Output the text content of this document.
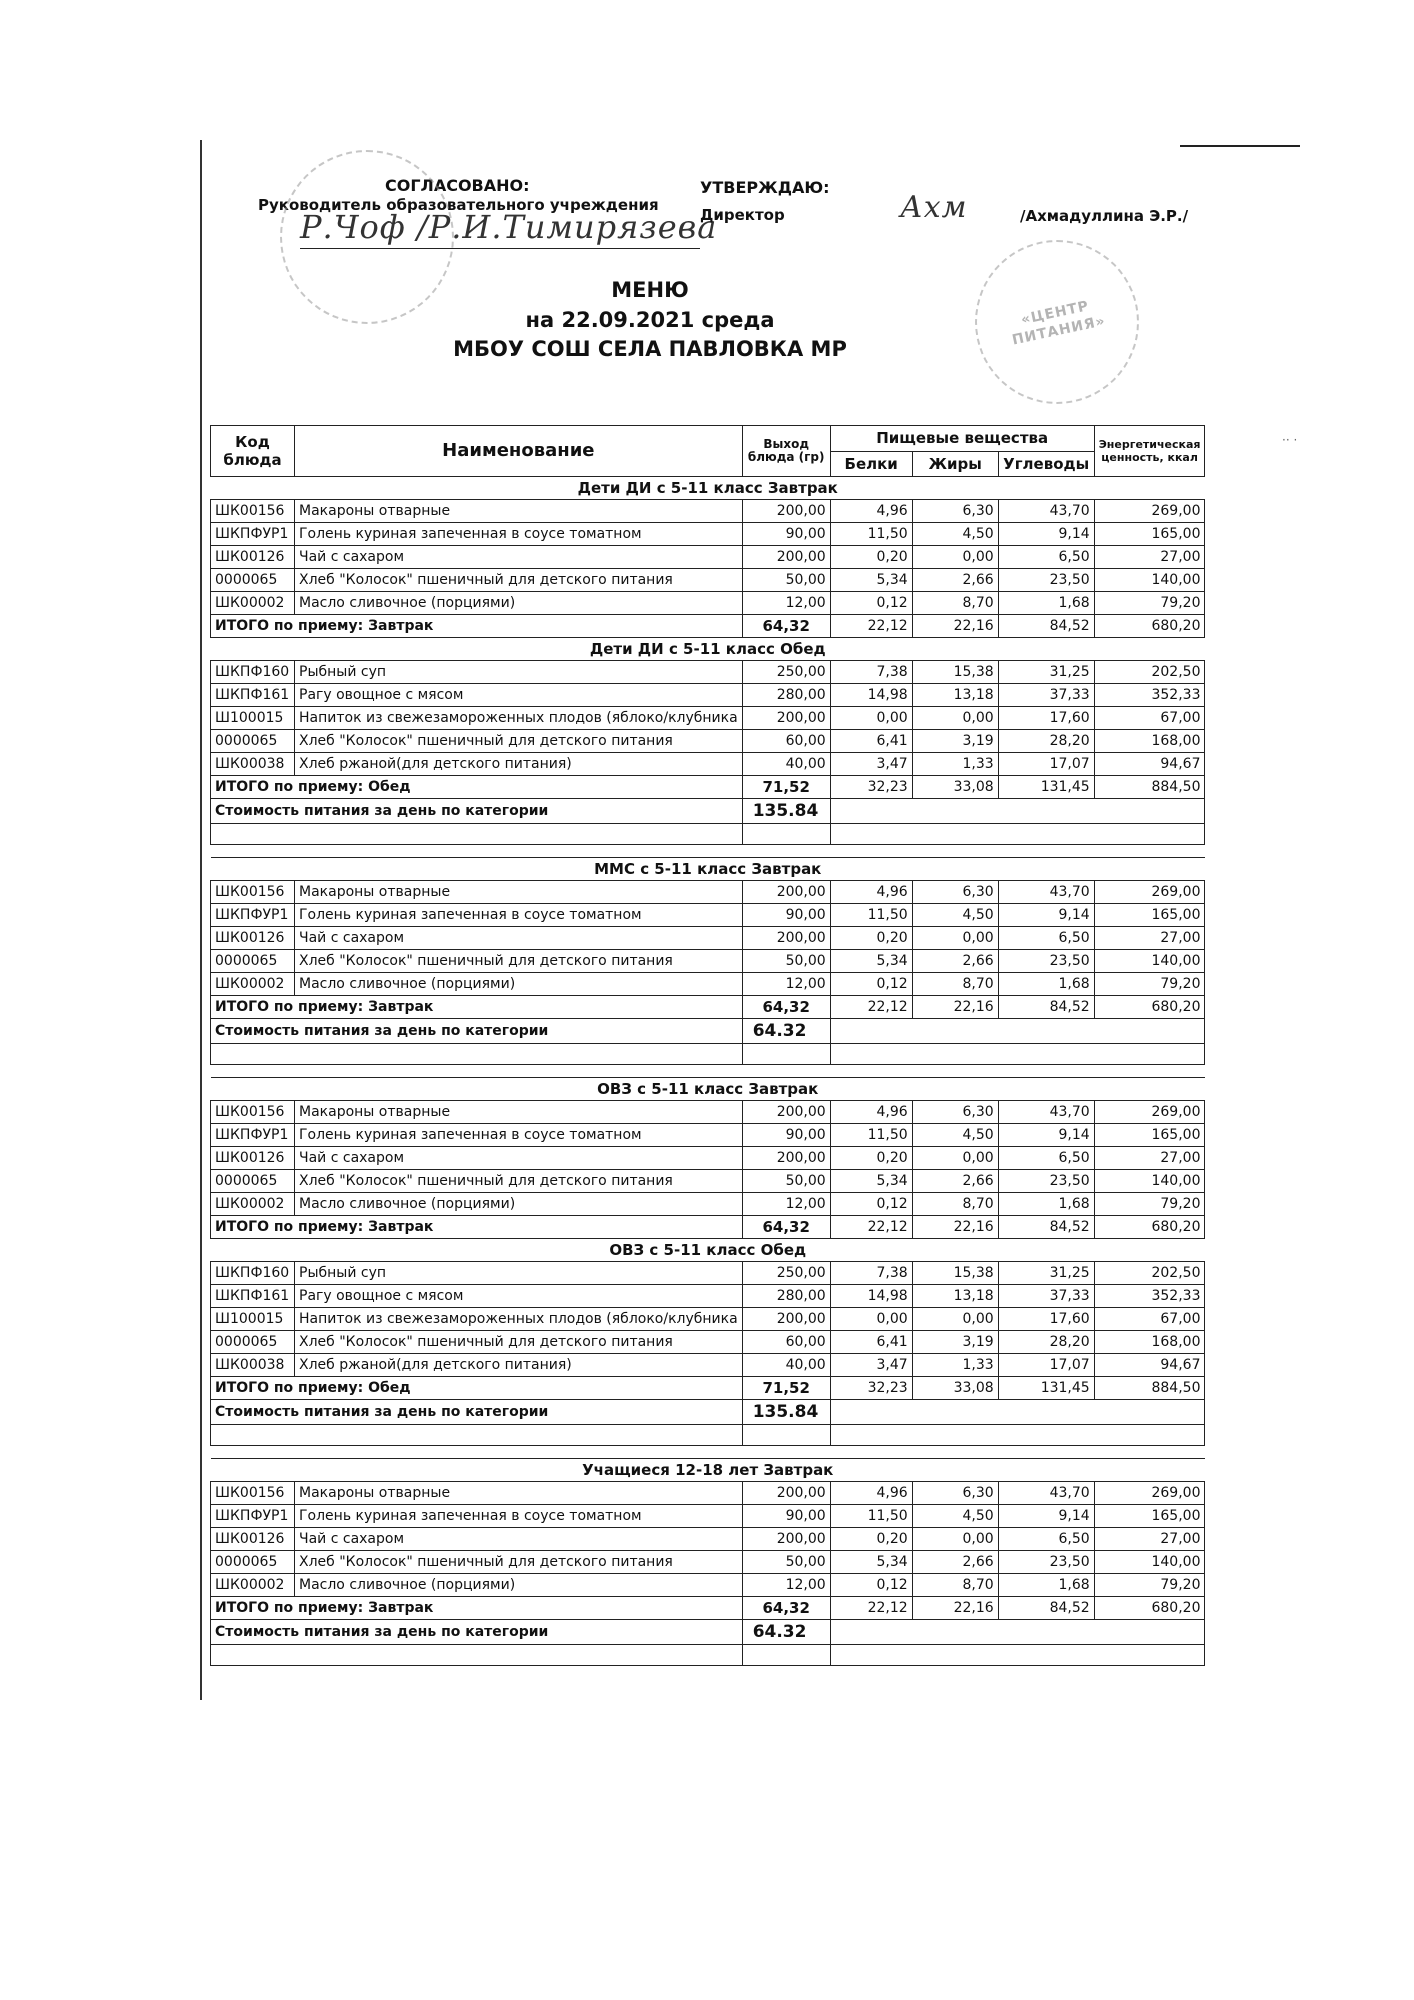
СОГЛАСОВАНО:
Руководитель образовательного учреждения
Р.Чоф /Р.И.Тимирязева
УТВЕРЖДАЮ:
Директор	Ахм	/Ахмадуллина Э.Р./
«ЦЕНТР ПИТАНИЯ»
МЕНЮ
на 22.09.2021 среда
МБОУ СОШ СЕЛА ПАВЛОВКА МР
·· ·
Код блюда	Наименование	Выход блюда (гр)	Пищевые вещества			Энергетическая ценность, ккал
			Белки	Жиры	Углеводы	
Дети ДИ с 5-11 класс Завтрак						
ШК00156	Макароны отварные	200,00	4,96	6,30	43,70	269,00
ШКПФУР1	Голень куриная запеченная в соусе томатном	90,00	11,50	4,50	9,14	165,00
ШК00126	Чай с сахаром	200,00	0,20	0,00	6,50	27,00
0000065	Хлеб "Колосок" пшеничный для детского питания	50,00	5,34	2,66	23,50	140,00
ШК00002	Масло сливочное (порциями)	12,00	0,12	8,70	1,68	79,20
ИТОГО по приему: Завтрак		64,32	22,12	22,16	84,52	680,20
Дети ДИ с 5-11 класс Обед						
ШКПФ160	Рыбный суп	250,00	7,38	15,38	31,25	202,50
ШКПФ161	Рагу овощное с мясом	280,00	14,98	13,18	37,33	352,33
Ш100015	Напиток из свежезамороженных плодов (яблоко/клубника	200,00	0,00	0,00	17,60	67,00
0000065	Хлеб "Колосок" пшеничный для детского питания	60,00	6,41	3,19	28,20	168,00
ШК00038	Хлеб ржаной(для детского питания)	40,00	3,47	1,33	17,07	94,67
ИТОГО по приему: Обед		71,52	32,23	33,08	131,45	884,50
Стоимость питания за день по категории		135.84				

ММС с 5-11 класс Завтрак						
ШК00156	Макароны отварные	200,00	4,96	6,30	43,70	269,00
ШКПФУР1	Голень куриная запеченная в соусе томатном	90,00	11,50	4,50	9,14	165,00
ШК00126	Чай с сахаром	200,00	0,20	0,00	6,50	27,00
0000065	Хлеб "Колосок" пшеничный для детского питания	50,00	5,34	2,66	23,50	140,00
ШК00002	Масло сливочное (порциями)	12,00	0,12	8,70	1,68	79,20
ИТОГО по приему: Завтрак		64,32	22,12	22,16	84,52	680,20
Стоимость питания за день по категории		64.32				

ОВЗ с 5-11 класс Завтрак						
ШК00156	Макароны отварные	200,00	4,96	6,30	43,70	269,00
ШКПФУР1	Голень куриная запеченная в соусе томатном	90,00	11,50	4,50	9,14	165,00
ШК00126	Чай с сахаром	200,00	0,20	0,00	6,50	27,00
0000065	Хлеб "Колосок" пшеничный для детского питания	50,00	5,34	2,66	23,50	140,00
ШК00002	Масло сливочное (порциями)	12,00	0,12	8,70	1,68	79,20
ИТОГО по приему: Завтрак		64,32	22,12	22,16	84,52	680,20
ОВЗ с 5-11 класс Обед						
ШКПФ160	Рыбный суп	250,00	7,38	15,38	31,25	202,50
ШКПФ161	Рагу овощное с мясом	280,00	14,98	13,18	37,33	352,33
Ш100015	Напиток из свежезамороженных плодов (яблоко/клубника	200,00	0,00	0,00	17,60	67,00
0000065	Хлеб "Колосок" пшеничный для детского питания	60,00	6,41	3,19	28,20	168,00
ШК00038	Хлеб ржаной(для детского питания)	40,00	3,47	1,33	17,07	94,67
ИТОГО по приему: Обед		71,52	32,23	33,08	131,45	884,50
Стоимость питания за день по категории		135.84				

Учащиеся 12-18 лет Завтрак						
ШК00156	Макароны отварные	200,00	4,96	6,30	43,70	269,00
ШКПФУР1	Голень куриная запеченная в соусе томатном	90,00	11,50	4,50	9,14	165,00
ШК00126	Чай с сахаром	200,00	0,20	0,00	6,50	27,00
0000065	Хлеб "Колосок" пшеничный для детского питания	50,00	5,34	2,66	23,50	140,00
ШК00002	Масло сливочное (порциями)	12,00	0,12	8,70	1,68	79,20
ИТОГО по приему: Завтрак		64,32	22,12	22,16	84,52	680,20
Стоимость питания за день по категории		64.32				
